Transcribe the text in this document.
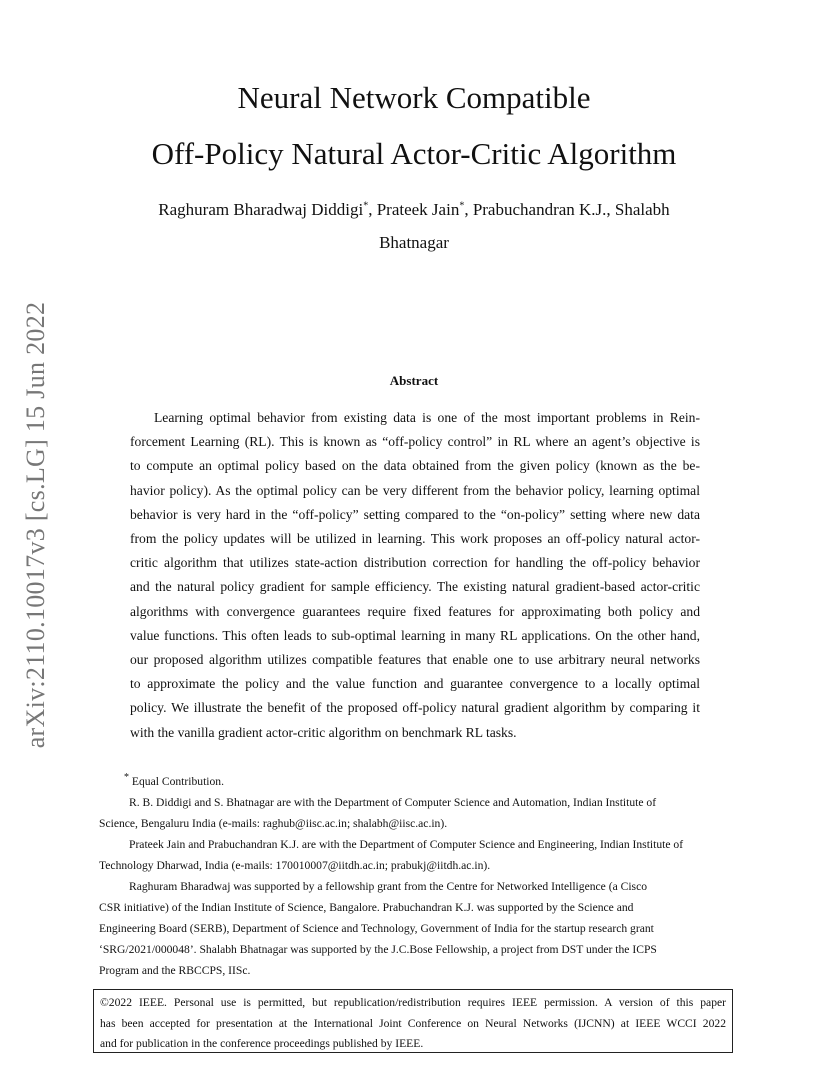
arXiv:2110.10017v3 [cs.LG] 15 Jun 2022
Neural Network Compatible
Off-Policy Natural Actor-Critic Algorithm
Raghuram Bharadwaj Diddigi*, Prateek Jain*, Prabuchandran K.J., Shalabh
Bhatnagar
Abstract
Learning optimal behavior from existing data is one of the most important problems in Rein-
forcement Learning (RL). This is known as “off-policy control” in RL where an agent’s objective is
to compute an optimal policy based on the data obtained from the given policy (known as the be-
havior policy). As the optimal policy can be very different from the behavior policy, learning optimal
behavior is very hard in the “off-policy” setting compared to the “on-policy” setting where new data
from the policy updates will be utilized in learning. This work proposes an off-policy natural actor-
critic algorithm that utilizes state-action distribution correction for handling the off-policy behavior
and the natural policy gradient for sample efficiency. The existing natural gradient-based actor-critic
algorithms with convergence guarantees require fixed features for approximating both policy and
value functions. This often leads to sub-optimal learning in many RL applications. On the other hand,
our proposed algorithm utilizes compatible features that enable one to use arbitrary neural networks
to approximate the policy and the value function and guarantee convergence to a locally optimal
policy. We illustrate the benefit of the proposed off-policy natural gradient algorithm by comparing it
with the vanilla gradient actor-critic algorithm on benchmark RL tasks.
* Equal Contribution.
R. B. Diddigi and S. Bhatnagar are with the Department of Computer Science and Automation, Indian Institute of
Science, Bengaluru India (e-mails: raghub@iisc.ac.in; shalabh@iisc.ac.in).
Prateek Jain and Prabuchandran K.J. are with the Department of Computer Science and Engineering, Indian Institute of
Technology Dharwad, India (e-mails: 170010007@iitdh.ac.in; prabukj@iitdh.ac.in).
Raghuram Bharadwaj was supported by a fellowship grant from the Centre for Networked Intelligence (a Cisco
CSR initiative) of the Indian Institute of Science, Bangalore. Prabuchandran K.J. was supported by the Science and
Engineering Board (SERB), Department of Science and Technology, Government of India for the startup research grant
‘SRG/2021/000048’. Shalabh Bhatnagar was supported by the J.C.Bose Fellowship, a project from DST under the ICPS
Program and the RBCCPS, IISc.
©2022 IEEE. Personal use is permitted, but republication/redistribution requires IEEE permission. A version of this paper
has been accepted for presentation at the International Joint Conference on Neural Networks (IJCNN) at IEEE WCCI 2022
and for publication in the conference proceedings published by IEEE.
